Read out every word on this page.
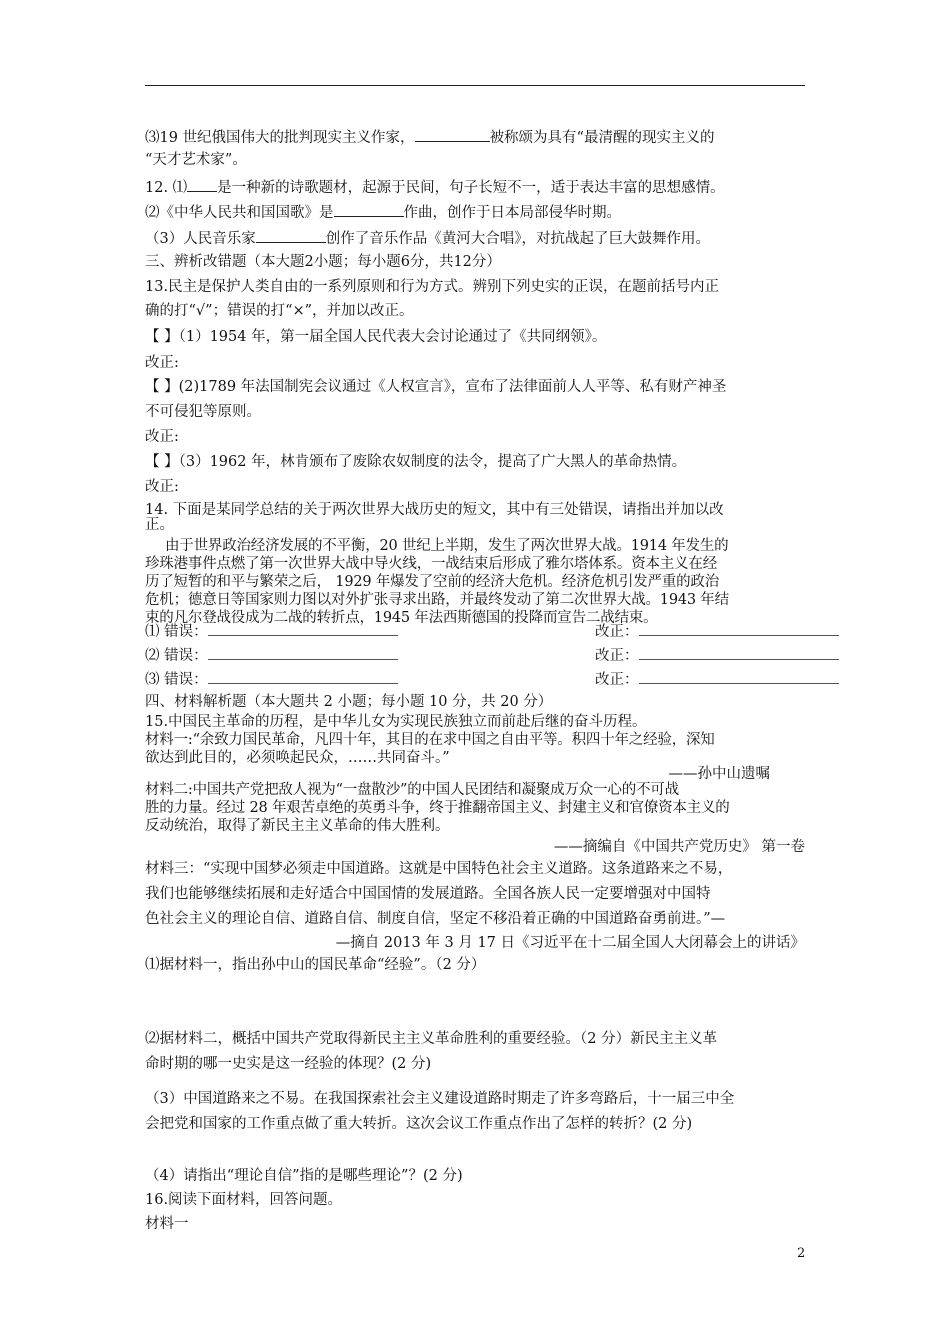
⑶19 世纪俄国伟大的批判现实主义作家，	被称颂为具有“最清醒的现实主义的
“天才艺术家”。
12. ⑴ 是一种新的诗歌题材，起源于民间，句子长短不一，适于表达丰富的思想感情。
⑵《中华人民共和国国歌》是	作曲，创作于日本局部侵华时期。
（3）人民音乐家	创作了音乐作品《黄河大合唱》，对抗战起了巨大鼓舞作用。
三、辨析改错题（本大题2小题；每小题6分，共12分）
13.民主是保护人类自由的一系列原则和行为方式。辨别下列史实的正误，在题前括号内正
确的打“√”；错误的打“×”，并加以改正。
【 】（1）1954 年，第一届全国人民代表大会讨论通过了《共同纲领》。
改正:
【 】(2)1789 年法国制宪会议通过《人权宣言》，宣布了法律面前人人平等、私有财产神圣
不可侵犯等原则。
改正:
【 】（3）1962 年，林肯颁布了废除农奴制度的法令，提高了广大黑人的革命热情。
改正:
14. 下面是某同学总结的关于两次世界大战历史的短文，其中有三处错误，请指出并加以改
正。
由于世界政治经济发展的不平衡，20 世纪上半期，发生了两次世界大战。1914 年发生的
珍珠港事件点燃了第一次世界大战中导火线，一战结束后形成了雅尔塔体系。资本主义在经
历了短暂的和平与繁荣之后， 1929 年爆发了空前的经济大危机。经济危机引发严重的政治
危机；德意日等国家则力图以对外扩张寻求出路，并最终发动了第二次世界大战。1943 年结
束的凡尔登战役成为二战的转折点，1945 年法西斯德国的投降而宣告二战结束。
⑴ 错误：	改正：
⑵ 错误：	改正：
⑶ 错误：	改正：
四、材料解析题（本大题共 2 小题；每小题 10 分，共 20 分）
15.中国民主革命的历程，是中华儿女为实现民族独立而前赴后继的奋斗历程。
材料一:“余致力国民革命，凡四十年，其目的在求中国之自由平等。积四十年之经验，深知
欲达到此目的，必须唤起民众，……共同奋斗。”
——孙中山遗嘱
材料二:中国共产党把敌人视为“一盘散沙”的中国人民团结和凝聚成万众一心的不可战
胜的力量。经过 28 年艰苦卓绝的英勇斗争，终于推翻帝国主义、封建主义和官僚资本主义的
反动统治，取得了新民主主义革命的伟大胜利。
——摘编自《中国共产党历史》 第一卷
材料三：“实现中国梦必须走中国道路。这就是中国特色社会主义道路。这条道路来之不易，
我们也能够继续拓展和走好适合中国国情的发展道路。全国各族人民一定要增强对中国特
色社会主义的理论自信、道路自信、制度自信，坚定不移沿着正确的中国道路奋勇前进。”—
—摘自 2013 年 3 月 17 日《习近平在十二届全国人大闭幕会上的讲话》
⑴据材料一，指出孙中山的国民革命“经验”。（2 分）
⑵据材料二，概括中国共产党取得新民主主义革命胜利的重要经验。（2 分）新民主主义革
命时期的哪一史实是这一经验的体现？(2 分)
（3）中国道路来之不易。在我国探索社会主义建设道路时期走了许多弯路后，十一届三中全
会把党和国家的工作重点做了重大转折。这次会议工作重点作出了怎样的转折？(2 分)
（4）请指出“理论自信”指的是哪些理论”？(2 分)
16.阅读下面材料，回答问题。
材料一
2
